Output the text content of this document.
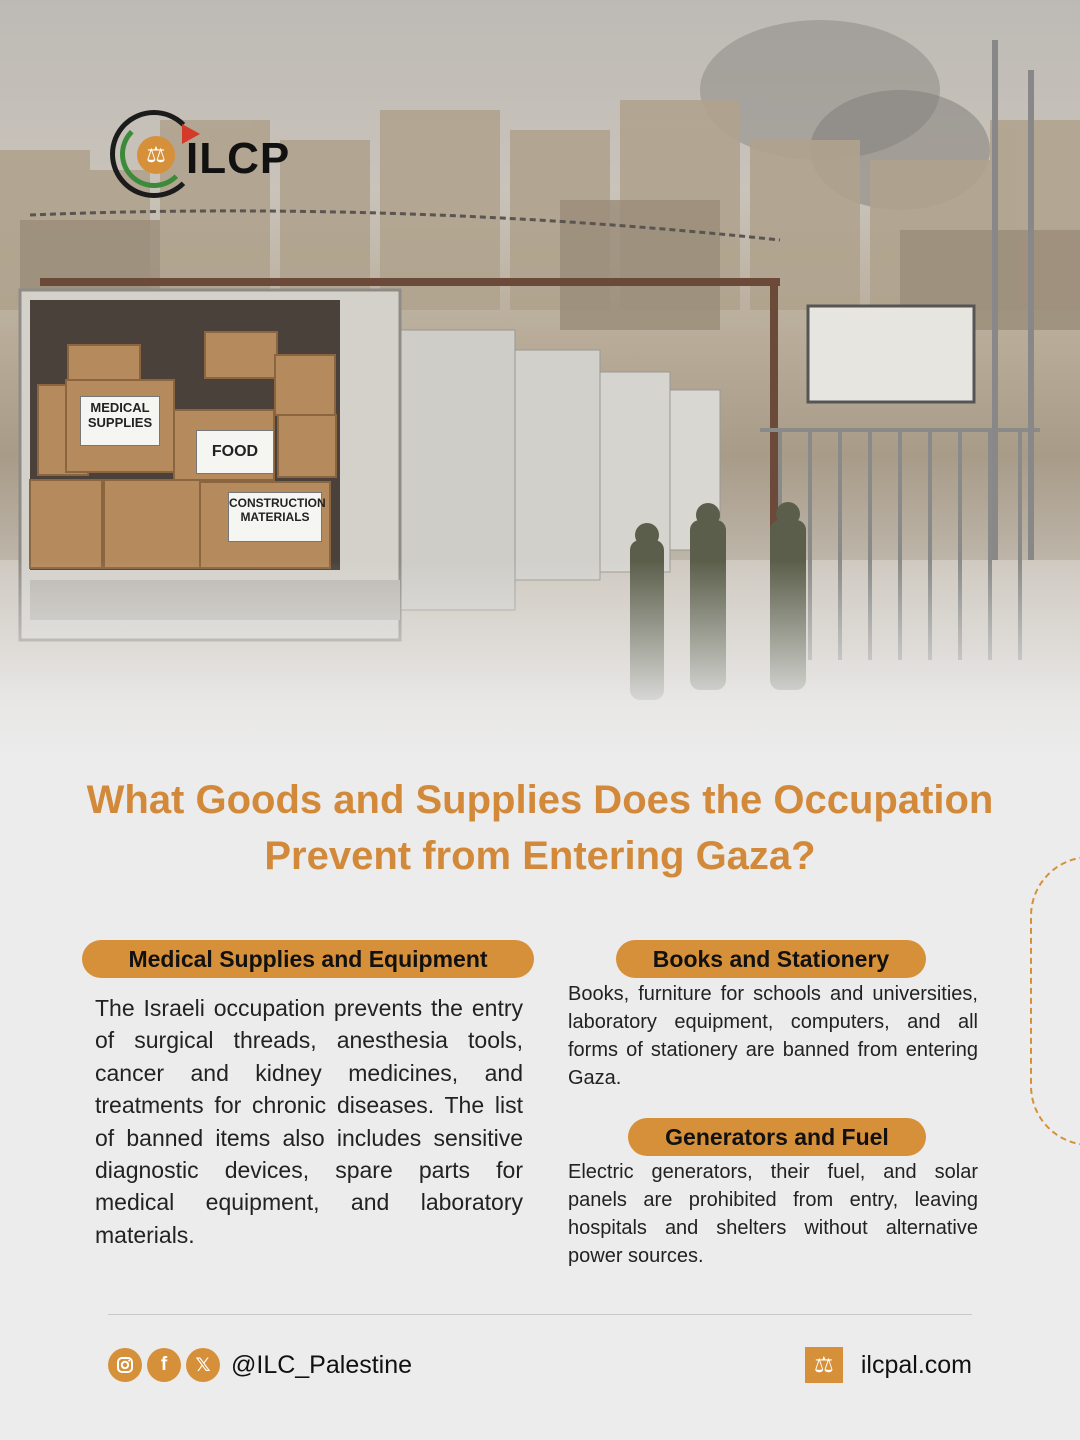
MEDICAL SUPPLIES
FOOD
CONSTRUCTION MATERIALS
⚖ ILCP
What Goods and Supplies Does the Occupation Prevent from Entering Gaza?
Medical Supplies and Equipment
The Israeli occupation prevents the entry of surgical threads, anesthesia tools, cancer and kidney medicines, and treatments for chronic diseases. The list of banned items also includes sensitive diagnostic devices, spare parts for medical equipment, and laboratory materials.
Books and Stationery
Books, furniture for schools and universities, laboratory equipment, computers, and all forms of stationery are banned from entering Gaza.
Generators and Fuel
Electric generators, their fuel, and solar panels are prohibited from entry, leaving hospitals and shelters without alternative power sources.
f	𝕏 @ILC_Palestine	⚖	ilcpal.com
